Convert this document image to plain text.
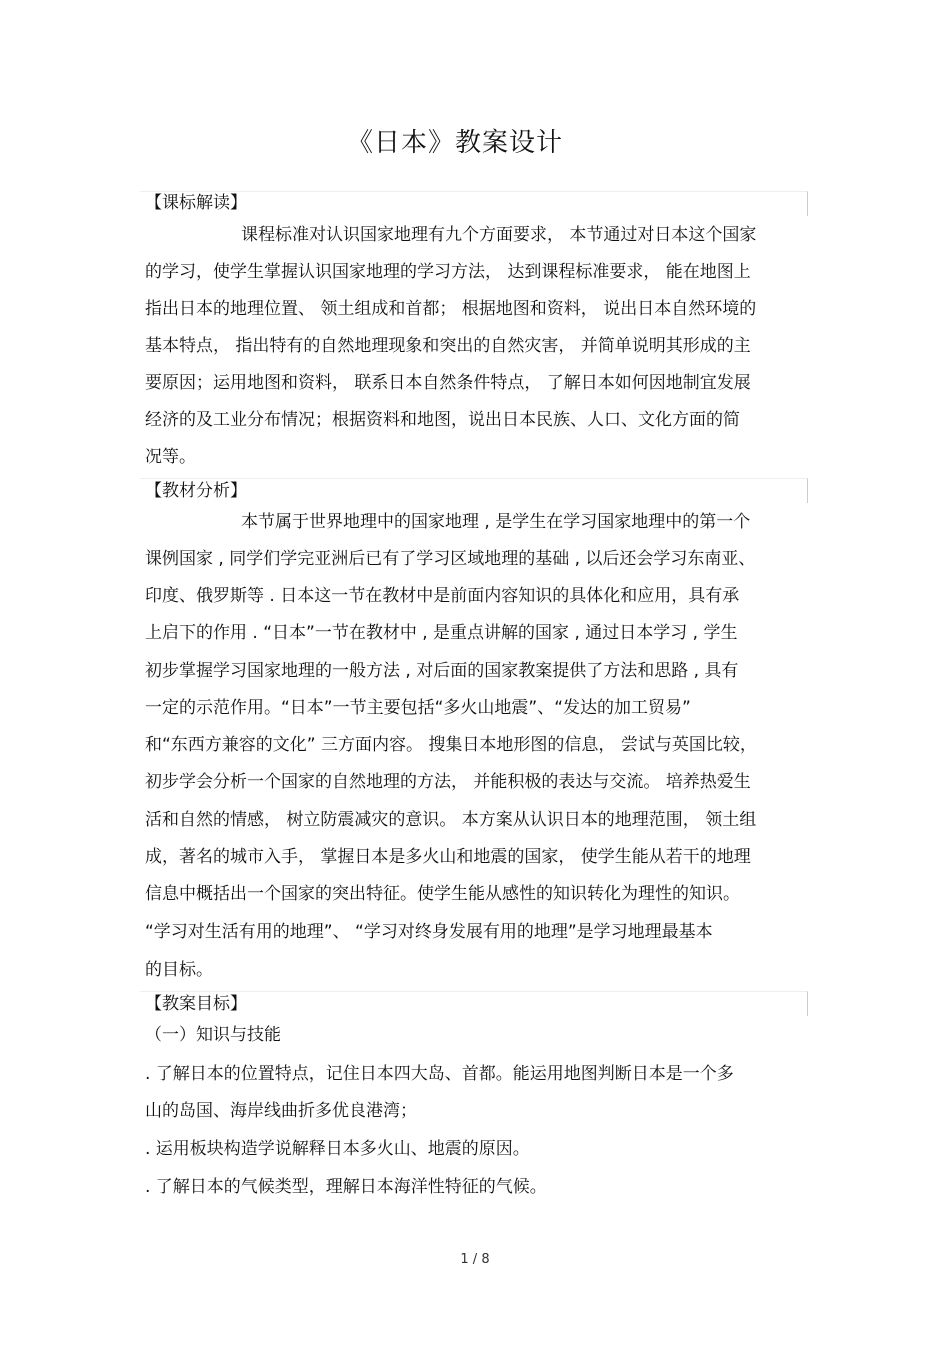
《日本》教案设计
【课标解读】
课程标准对认识国家地理有九个方面要求， 本节通过对日本这个国家
的学习，使学生掌握认识国家地理的学习方法， 达到课程标准要求， 能在地图上
指出日本的地理位置、 领土组成和首都； 根据地图和资料， 说出日本自然环境的
基本特点， 指出特有的自然地理现象和突出的自然灾害， 并简单说明其形成的主
要原因；运用地图和资料， 联系日本自然条件特点， 了解日本如何因地制宜发展
经济的及工业分布情况；根据资料和地图，说出日本民族、人口、文化方面的简
况等。
【教材分析】
本节属于世界地理中的国家地理 , 是学生在学习国家地理中的第一个
课例国家 , 同学们学完亚洲后已有了学习区域地理的基础 , 以后还会学习东南亚、
印度、俄罗斯等 . 日本这一节在教材中是前面内容知识的具体化和应用，具有承
上启下的作用 . “日本”一节在教材中 , 是重点讲解的国家 , 通过日本学习 , 学生
初步掌握学习国家地理的一般方法 , 对后面的国家教案提供了方法和思路 , 具有
一定的示范作用。“日本”一节主要包括“多火山地震”、“发达的加工贸易”
和“东西方兼容的文化” 三方面内容。 搜集日本地形图的信息， 尝试与英国比较，
初步学会分析一个国家的自然地理的方法， 并能积极的表达与交流。 培养热爱生
活和自然的情感， 树立防震减灾的意识。 本方案从认识日本的地理范围， 领土组
成，著名的城市入手， 掌握日本是多火山和地震的国家， 使学生能从若干的地理
信息中概括出一个国家的突出特征。使学生能从感性的知识转化为理性的知识。
“学习对生活有用的地理”、 “学习对终身发展有用的地理”是学习地理最基本
的目标。
【教案目标】
（一）知识与技能
. 了解日本的位置特点，记住日本四大岛、首都。能运用地图判断日本是一个多
山的岛国、海岸线曲折多优良港湾；
. 运用板块构造学说解释日本多火山、地震的原因。
. 了解日本的气候类型，理解日本海洋性特征的气候。
1 / 8
